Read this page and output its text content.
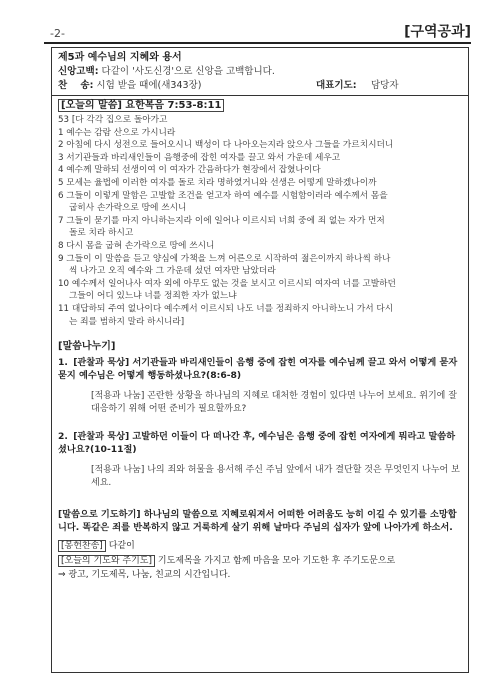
-2-	[구역공과]
제5과 예수님의 지혜와 용서
신앙고백: 다같이 '사도신경'으로 신앙을 고백합니다.
찬    송: 시험 받을 때에(새343장)	대표기도: 담당자
[오늘의 말씀] 요한복음 7:53-8:11
53 [다 각각 집으로 돌아가고
1 예수는 감람 산으로 가시니라
2 아침에 다시 성전으로 들어오시니 백성이 다 나아오는지라 앉으사 그들을 가르치시더니
3 서기관들과 바리새인들이 음행중에 잡힌 여자를 끌고 와서 가운데 세우고
4 예수께 말하되 선생이여 이 여자가 간음하다가 현장에서 잡혔나이다
5 모세는 율법에 이러한 여자를 돌로 치라 명하였거니와 선생은 어떻게 말하겠나이까
6 그들이 이렇게 말함은 고발할 조건을 얻고자 하여 예수를 시험함이러라 예수께서 몸을
굽히사 손가락으로 땅에 쓰시니
7 그들이 묻기를 마지 아니하는지라 이에 일어나 이르시되 너희 중에 죄 없는 자가 먼저
돌로 치라 하시고
8 다시 몸을 굽혀 손가락으로 땅에 쓰시니
9 그들이 이 말씀을 듣고 양심에 가책을 느껴 어른으로 시작하여 젊은이까지 하나씩 하나
씩 나가고 오직 예수와 그 가운데 섰던 여자만 남았더라
10 예수께서 일어나사 여자 외에 아무도 없는 것을 보시고 이르시되 여자여 너를 고발하던
그들이 어디 있느냐 너를 정죄한 자가 없느냐
11 대답하되 주여 없나이다 예수께서 이르시되 나도 너를 정죄하지 아니하노니 가서 다시
는 죄를 범하지 말라 하시니라]
[말씀나누기]
1. [관찰과 묵상] 서기관들과 바리새인들이 음행 중에 잡힌 여자를 예수님께 끌고 와서 어떻게 묻자 묻지 예수님은 어떻게 행동하셨나요?(8:6-8)
[적용과 나눔] 곤란한 상황을 하나님의 지혜로 대처한 경험이 있다면 나누어 보세요. 위기에 잘 대응하기 위해 어떤 준비가 필요할까요?
2. [관찰과 묵상] 고발하던 이들이 다 떠나간 후, 예수님은 음행 중에 잡힌 여자에게 뭐라고 말씀하셨나요?(10-11절)
[적용과 나눔] 나의 죄와 허물을 용서해 주신 주님 앞에서 내가 결단할 것은 무엇인지 나누어 보세요.
[말씀으로 기도하기] 하나님의 말씀으로 지혜로워져서 어떠한 어려움도 능히 이길 수 있기를 소망합니다. 똑같은 죄를 반복하지 않고 거룩하게 살기 위해 날마다 주님의 십자가 앞에 나아가게 하소서.
[봉헌찬송] 다같이
[오늘의 기도와 주기도] 기도제목을 가지고 함께 마음을 모아 기도한 후 주기도문으로
⇒ 광고, 기도제목, 나눔, 친교의 시간입니다.
